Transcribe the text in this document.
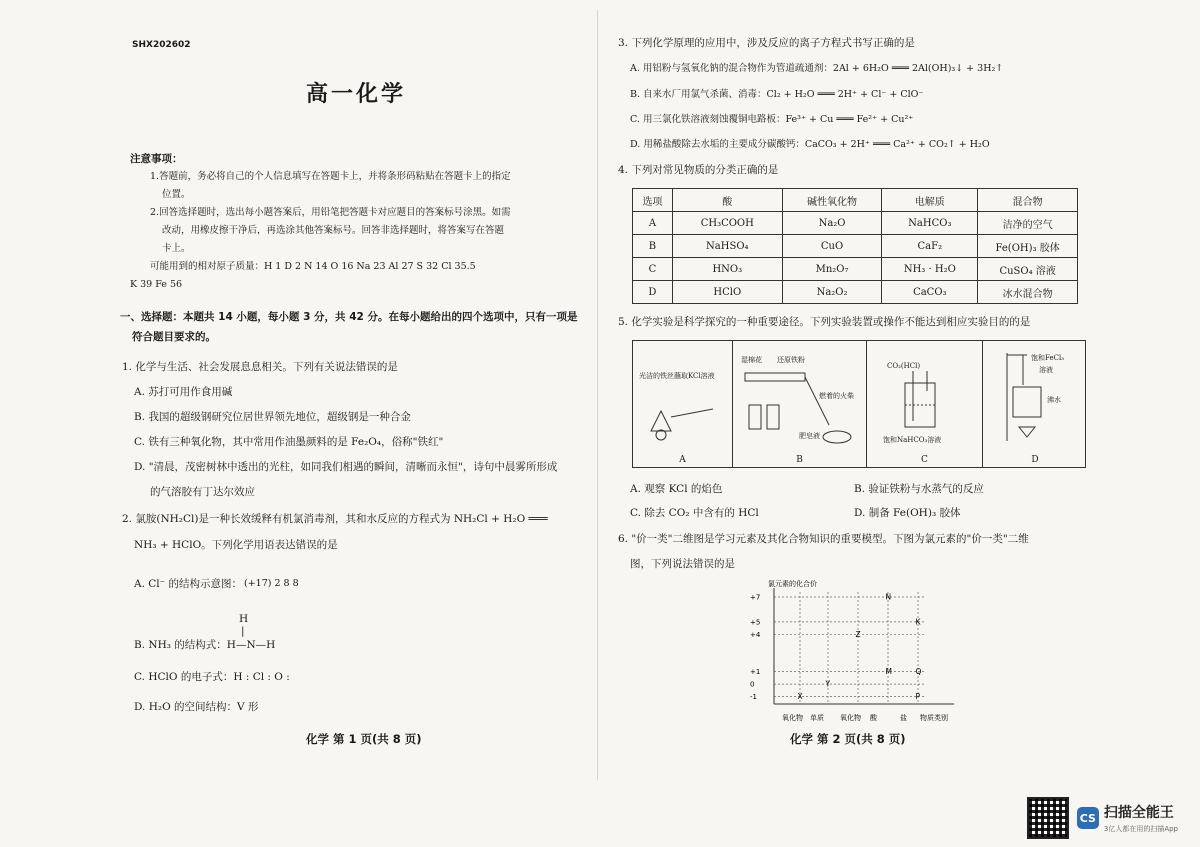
SHX202602
高一化学
注意事项：
1.答题前，务必将自己的个人信息填写在答题卡上，并将条形码粘贴在答题卡上的指定
位置。
2.回答选择题时，选出每小题答案后，用铅笔把答题卡对应题目的答案标号涂黑。如需
改动，用橡皮擦干净后，再选涂其他答案标号。回答非选择题时，将答案写在答题
卡上。
可能用到的相对原子质量：H 1 D 2 N 14 O 16 Na 23 Al 27 S 32 Cl 35.5
K 39 Fe 56
一、选择题：本题共 14 小题，每小题 3 分，共 42 分。在每小题给出的四个选项中，只有一项是
符合题目要求的。
1. 化学与生活、社会发展息息相关。下列有关说法错误的是
A. 苏打可用作食用碱
B. 我国的超级钢研究位居世界领先地位，超级钢是一种合金
C. 铁有三种氧化物，其中常用作油墨颜料的是 Fe₂O₄，俗称"铁红"
D. "清晨，茂密树林中透出的光柱，如同我们相遇的瞬间，清晰而永恒"，诗句中晨雾所形成
的气溶胶有丁达尔效应
2. 氯胺(NH₂Cl)是一种长效缓释有机氯消毒剂，其和水反应的方程式为 NH₂Cl + H₂O ═══
NH₃ + HClO。下列化学用语表达错误的是
A. Cl⁻ 的结构示意图： (+17) 2 8 8
H
|
B. NH₃ 的结构式：H—N—H
C. HClO 的电子式：H : Cl : O :
D. H₂O 的空间结构：V 形
化学 第 1 页(共 8 页)
3. 下列化学原理的应用中，涉及反应的离子方程式书写正确的是
A. 用铝粉与氢氧化钠的混合物作为管道疏通剂：2Al + 6H₂O ═══ 2Al(OH)₃↓ + 3H₂↑
B. 自来水厂用氯气杀菌、消毒：Cl₂ + H₂O ═══ 2H⁺ + Cl⁻ + ClO⁻
C. 用三氯化铁溶液刻蚀覆铜电路板：Fe³⁺ + Cu ═══ Fe²⁺ + Cu²⁺
D. 用稀盐酸除去水垢的主要成分碳酸钙：CaCO₃ + 2H⁺ ═══ Ca²⁺ + CO₂↑ + H₂O
4. 下列对常见物质的分类正确的是
选项	酸	碱性氧化物	电解质	混合物
A	CH₃COOH	Na₂O	NaHCO₃	洁净的空气
B	NaHSO₄	CuO	CaF₂	Fe(OH)₃ 胶体
C	HNO₃	Mn₂O₇	NH₃ · H₂O	CuSO₄ 溶液
D	HClO	Na₂O₂	CaCO₃	冰水混合物
5. 化学实验是科学探究的一种重要途径。下列实验装置或操作不能达到相应实验目的的是
光洁的铁丝蘸取KCl溶液
A
湿棉花 还原铁粉
燃着的火柴
肥皂液
B
CO₂(HCl)
饱和NaHCO₃溶液
C
饱和FeCl₃
溶液
沸水
D
A. 观察 KCl 的焰色	B. 验证铁粉与水蒸气的反应
C. 除去 CO₂ 中含有的 HCl	D. 制备 Fe(OH)₃ 胶体
6. "价一类"二维图是学习元素及其化合物知识的重要模型。下图为氯元素的"价一类"二维
图，下列说法错误的是
氯元素的化合价
物质类别
+7
+5
+4
+1
0
-1
氧化物 单质 氧化物 酸	盐
N
K
Z
M	Q
Y
X	P
化学 第 2 页(共 8 页)
CS 扫描全能王
3亿人都在用的扫描App
